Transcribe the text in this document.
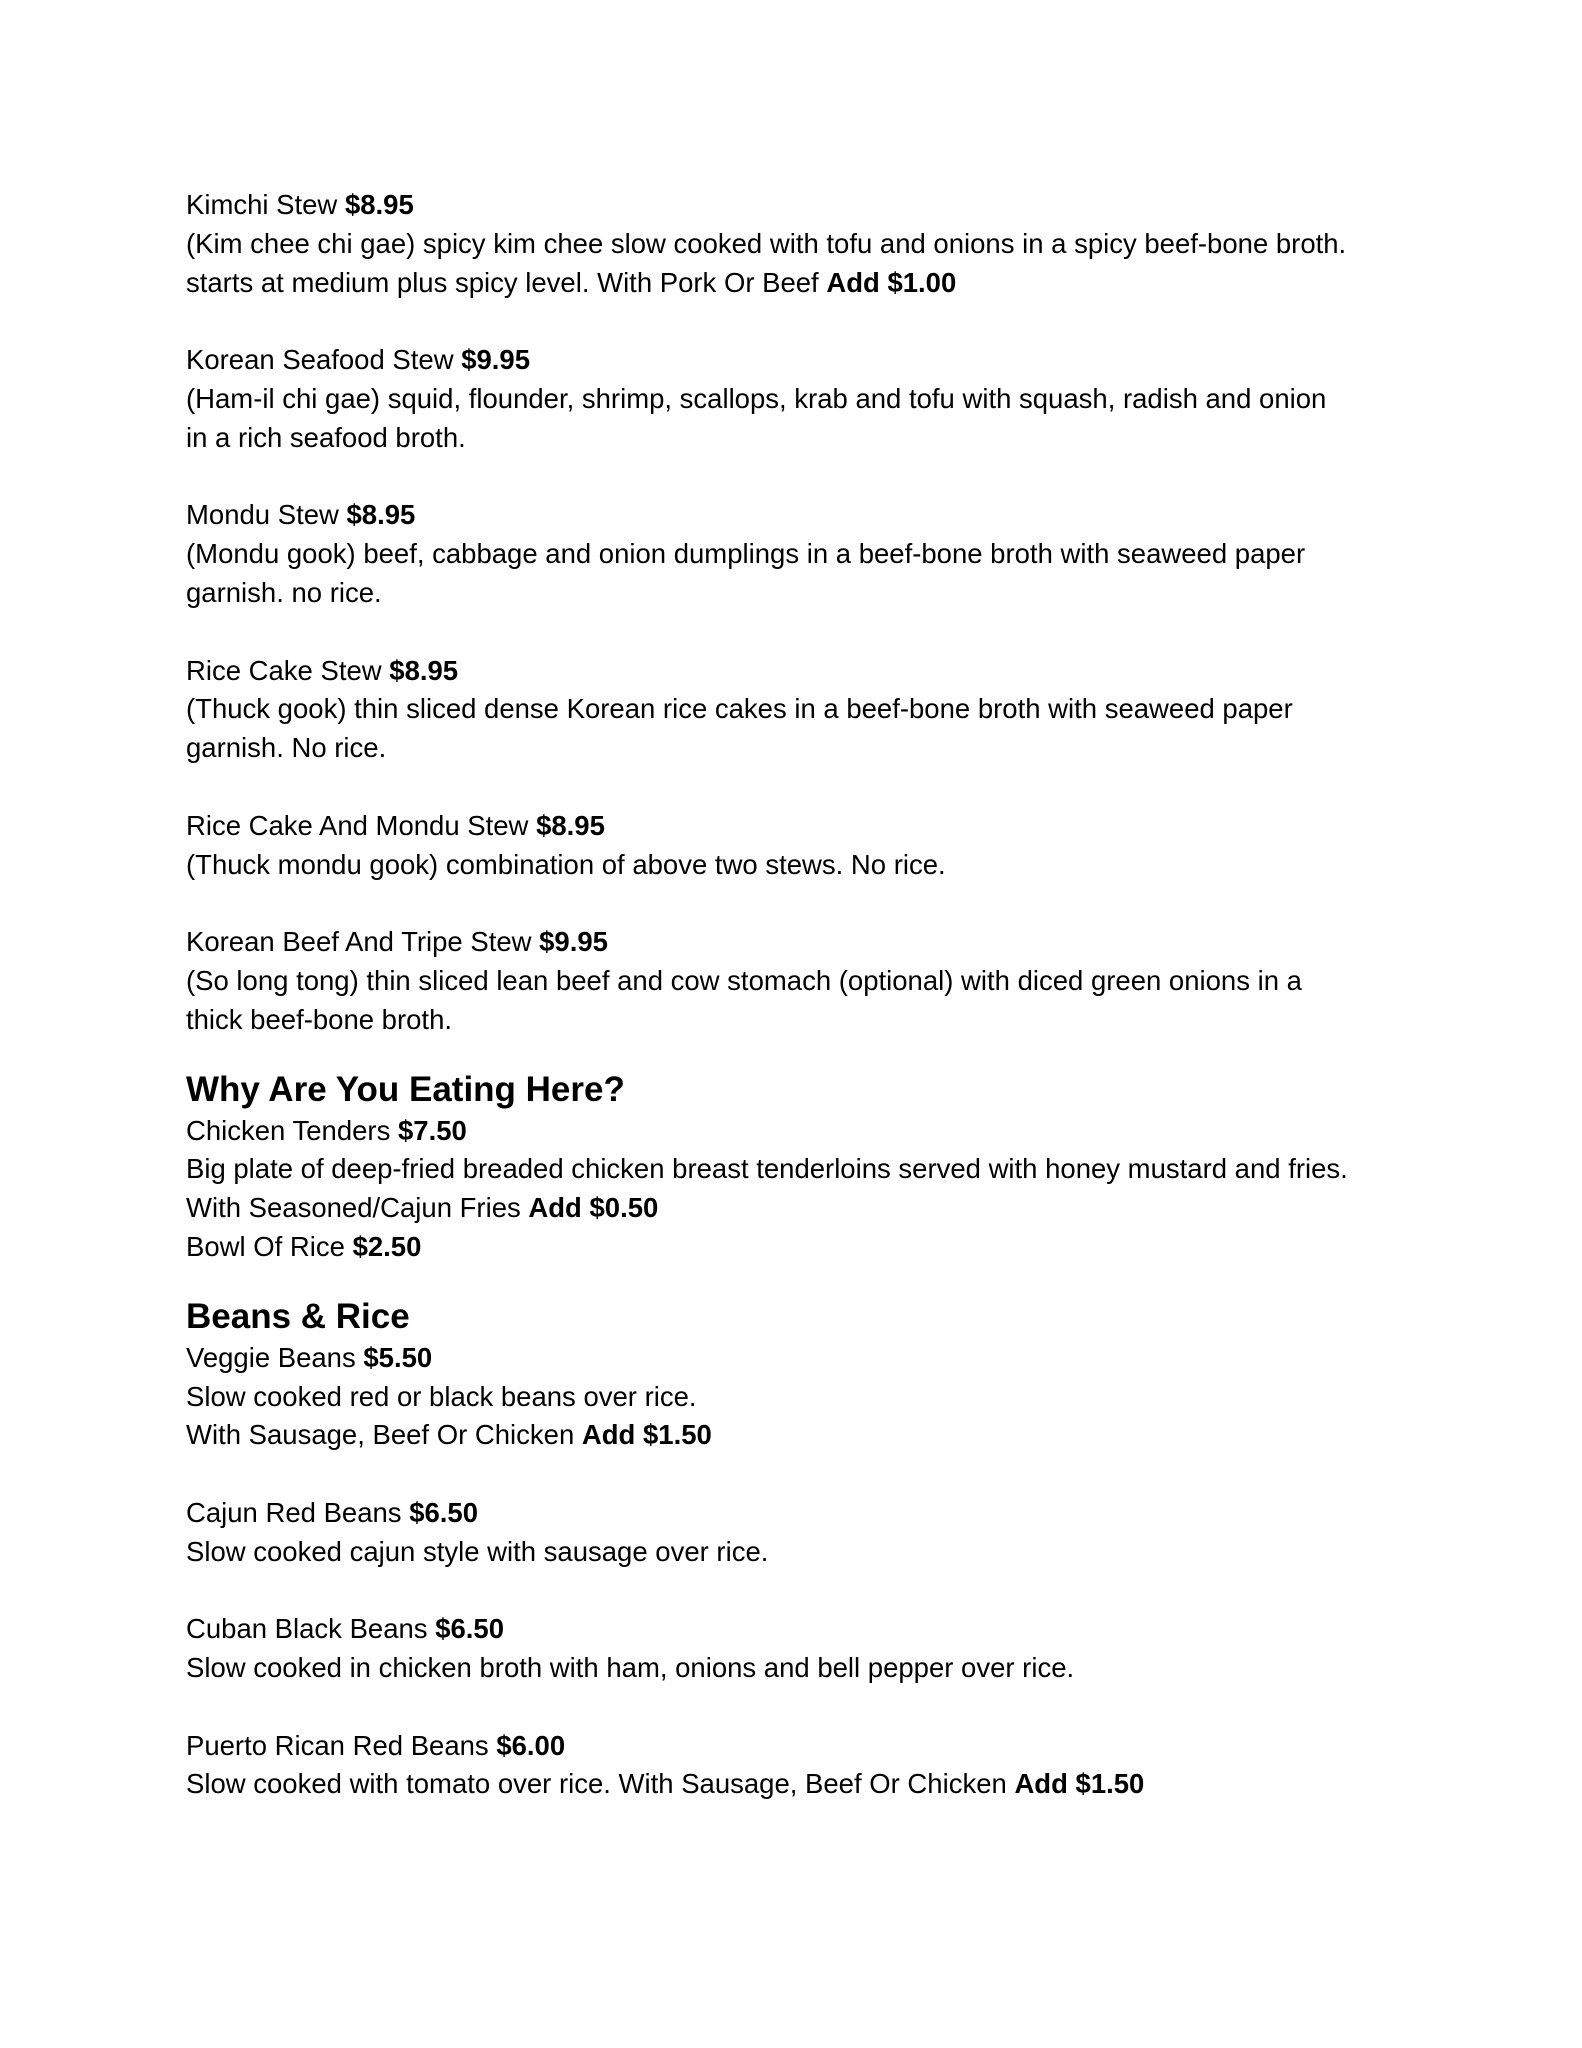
Kimchi Stew $8.95
(Kim chee chi gae) spicy kim chee slow cooked with tofu and onions in a spicy beef-bone broth.
starts at medium plus spicy level. With Pork Or Beef Add $1.00
Korean Seafood Stew $9.95
(Ham-il chi gae) squid, flounder, shrimp, scallops, krab and tofu with squash, radish and onion
in a rich seafood broth.
Mondu Stew $8.95
(Mondu gook) beef, cabbage and onion dumplings in a beef-bone broth with seaweed paper
garnish. no rice.
Rice Cake Stew $8.95
(Thuck gook) thin sliced dense Korean rice cakes in a beef-bone broth with seaweed paper
garnish. No rice.
Rice Cake And Mondu Stew $8.95
(Thuck mondu gook) combination of above two stews. No rice.
Korean Beef And Tripe Stew $9.95
(So long tong) thin sliced lean beef and cow stomach (optional) with diced green onions in a
thick beef-bone broth.
Why Are You Eating Here?
Chicken Tenders $7.50
Big plate of deep-fried breaded chicken breast tenderloins served with honey mustard and fries.
With Seasoned/Cajun Fries Add $0.50
Bowl Of Rice $2.50
Beans & Rice
Veggie Beans $5.50
Slow cooked red or black beans over rice.
With Sausage, Beef Or Chicken Add $1.50
Cajun Red Beans $6.50
Slow cooked cajun style with sausage over rice.
Cuban Black Beans $6.50
Slow cooked in chicken broth with ham, onions and bell pepper over rice.
Puerto Rican Red Beans $6.00
Slow cooked with tomato over rice. With Sausage, Beef Or Chicken Add $1.50
